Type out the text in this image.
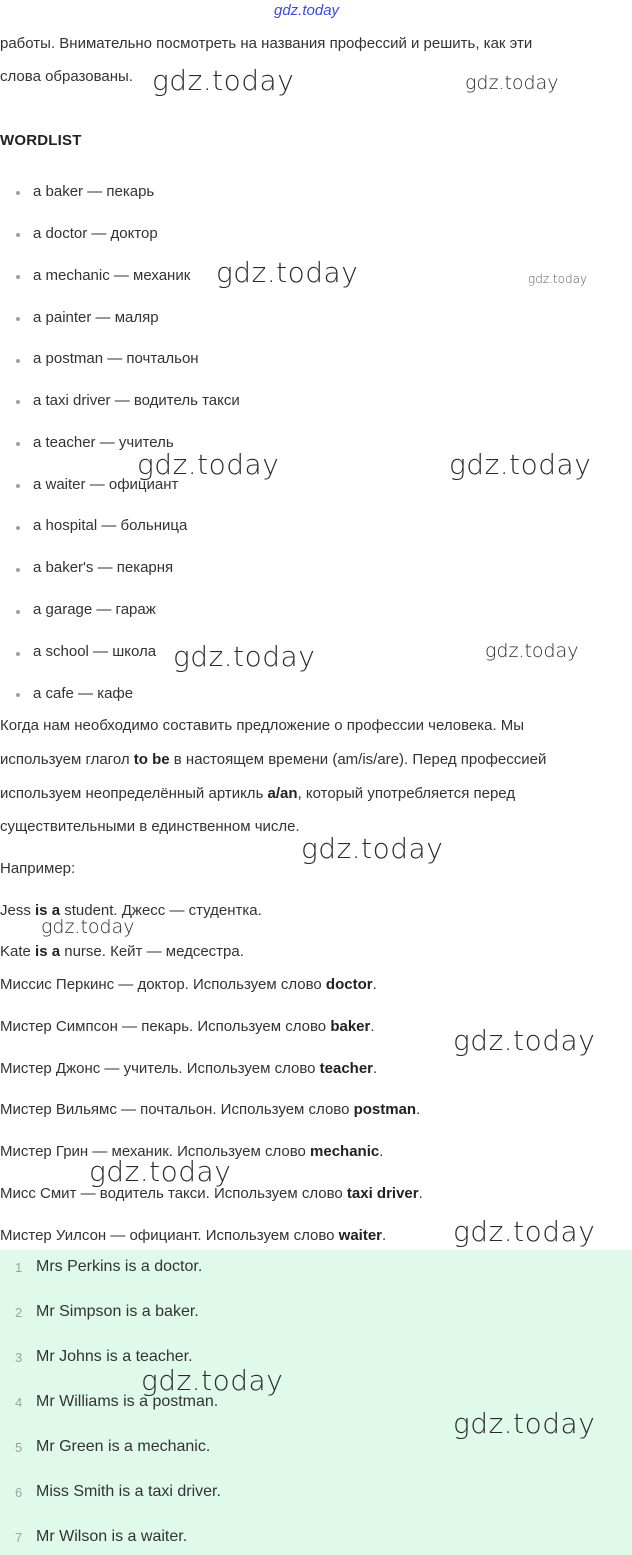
gdz.today
работы. Внимательно посмотреть на названия профессий и решить, как эти
слова образованы.
WORDLIST
a baker — пекарь
a doctor — доктор
a mechanic — механик
a painter — маляр
a postman — почтальон
a taxi driver — водитель такси
a teacher — учитель
a waiter — официант
a hospital — больница
a baker's — пекарня
a garage — гараж
a school — школа
a cafe — кафе
Когда нам необходимо составить предложение о профессии человека. Мы
используем глагол to be в настоящем времени (am/is/are). Перед профессией
используем неопределённый артикль a/an, который употребляется перед
существительными в единственном числе.
Например:
Jess is a student. Джесс — студентка.
Kate is a nurse. Кейт — медсестра.
Миссис Перкинс — доктор. Используем слово doctor.
Мистер Симпсон — пекарь. Используем слово baker.
Мистер Джонс — учитель. Используем слово teacher.
Мистер Вильямс — почтальон. Используем слово postman.
Мистер Грин — механик. Используем слово mechanic.
Мисс Смит — водитель такси. Используем слово taxi driver.
Мистер Уилсон — официант. Используем слово waiter.
1 Mrs Perkins is a doctor.
2 Mr Simpson is a baker.
3 Mr Johns is a teacher.
4 Mr Williams is a postman.
5 Mr Green is a mechanic.
6 Miss Smith is a taxi driver.
7 Mr Wilson is a waiter.
gdz.today	gdz.today
gdz.today	gdz.today
gdz.today	gdz.today
gdz.today	gdz.today
gdz.today
gdz.today
gdz.today
gdz.today
gdz.today
gdz.today
gdz.today
